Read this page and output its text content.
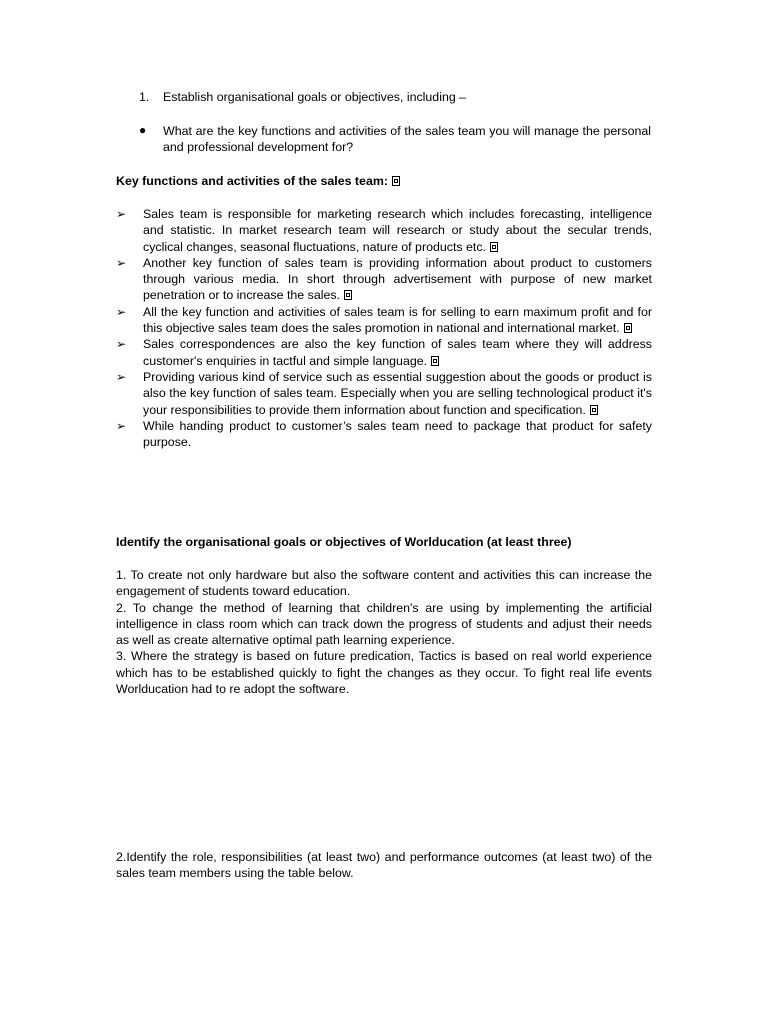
1. Establish organisational goals or objectives, including –
● What are the key functions and activities of the sales team you will manage the personal and professional development for?
Key functions and activities of the sales team:
➢ Sales team is responsible for marketing research which includes forecasting, intelligence and statistic. In market research team will research or study about the secular trends, cyclical changes, seasonal fluctuations, nature of products etc.
➢ Another key function of sales team is providing information about product to customers through various media. In short through advertisement with purpose of new market penetration or to increase the sales.
➢ All the key function and activities of sales team is for selling to earn maximum profit and for this objective sales team does the sales promotion in national and international market.
➢ Sales correspondences are also the key function of sales team where they will address customer's enquiries in tactful and simple language.
➢ Providing various kind of service such as essential suggestion about the goods or product is also the key function of sales team. Especially when you are selling technological product it's your responsibilities to provide them information about function and specification.
➢ While handing product to customer’s sales team need to package that product for safety purpose.
Identify the organisational goals or objectives of Worlducation (at least three)

1. To create not only hardware but also the software content and activities this can increase the engagement of students toward education.

2. To change the method of learning that children's are using by implementing the artificial intelligence in class room which can track down the progress of students and adjust their needs as well as create alternative optimal path learning experience.

3. Where the strategy is based on future predication, Tactics is based on real world experience which has to be established quickly to fight the changes as they occur. To fight real life events Worlducation had to re adopt the software.

2.Identify the role, responsibilities (at least two) and performance outcomes (at least two) of the sales team members using the table below.
